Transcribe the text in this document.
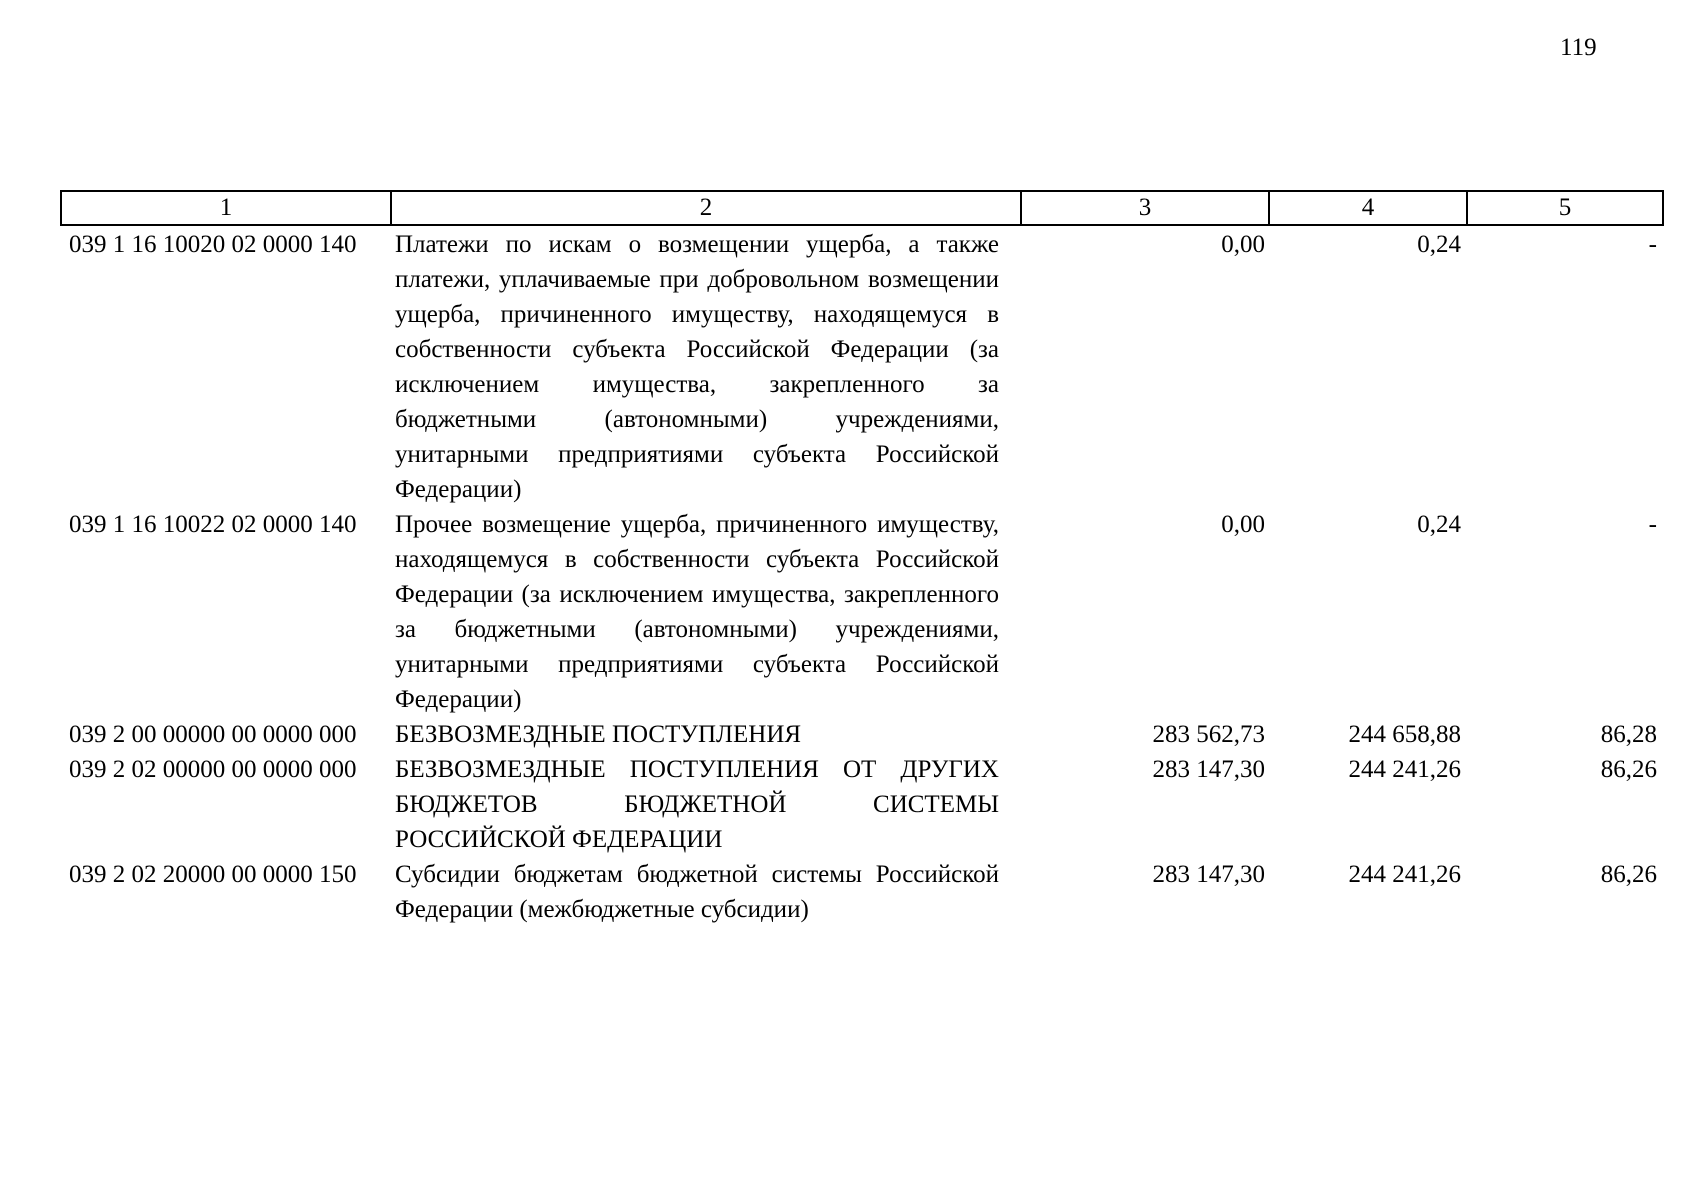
119
1	2	3	4	5
039 1 16 10020 02 0000 140	Платежи по искам о возмещении ущерба, а также платежи, уплачиваемые при добровольном возмещении ущерба, причиненного имуществу, находящемуся в собственности субъекта Российской Федерации (за исключением имущества, закрепленного за бюджетными (автономными) учреждениями, унитарными предприятиями субъекта Российской Федерации)	0,00	0,24	-
039 1 16 10022 02 0000 140	Прочее возмещение ущерба, причиненного имуществу, находящемуся в собственности субъекта Российской Федерации (за исключением имущества, закрепленного за бюджетными (автономными) учреждениями, унитарными предприятиями субъекта Российской Федерации)	0,00	0,24	-
039 2 00 00000 00 0000 000	БЕЗВОЗМЕЗДНЫЕ ПОСТУПЛЕНИЯ	283 562,73	244 658,88	86,28
039 2 02 00000 00 0000 000	БЕЗВОЗМЕЗДНЫЕ ПОСТУПЛЕНИЯ ОТ ДРУГИХ БЮДЖЕТОВ БЮДЖЕТНОЙ СИСТЕМЫ РОССИЙСКОЙ ФЕДЕРАЦИИ	283 147,30	244 241,26	86,26
039 2 02 20000 00 0000 150	Субсидии бюджетам бюджетной системы Российской Федерации (межбюджетные субсидии)	283 147,30	244 241,26	86,26
